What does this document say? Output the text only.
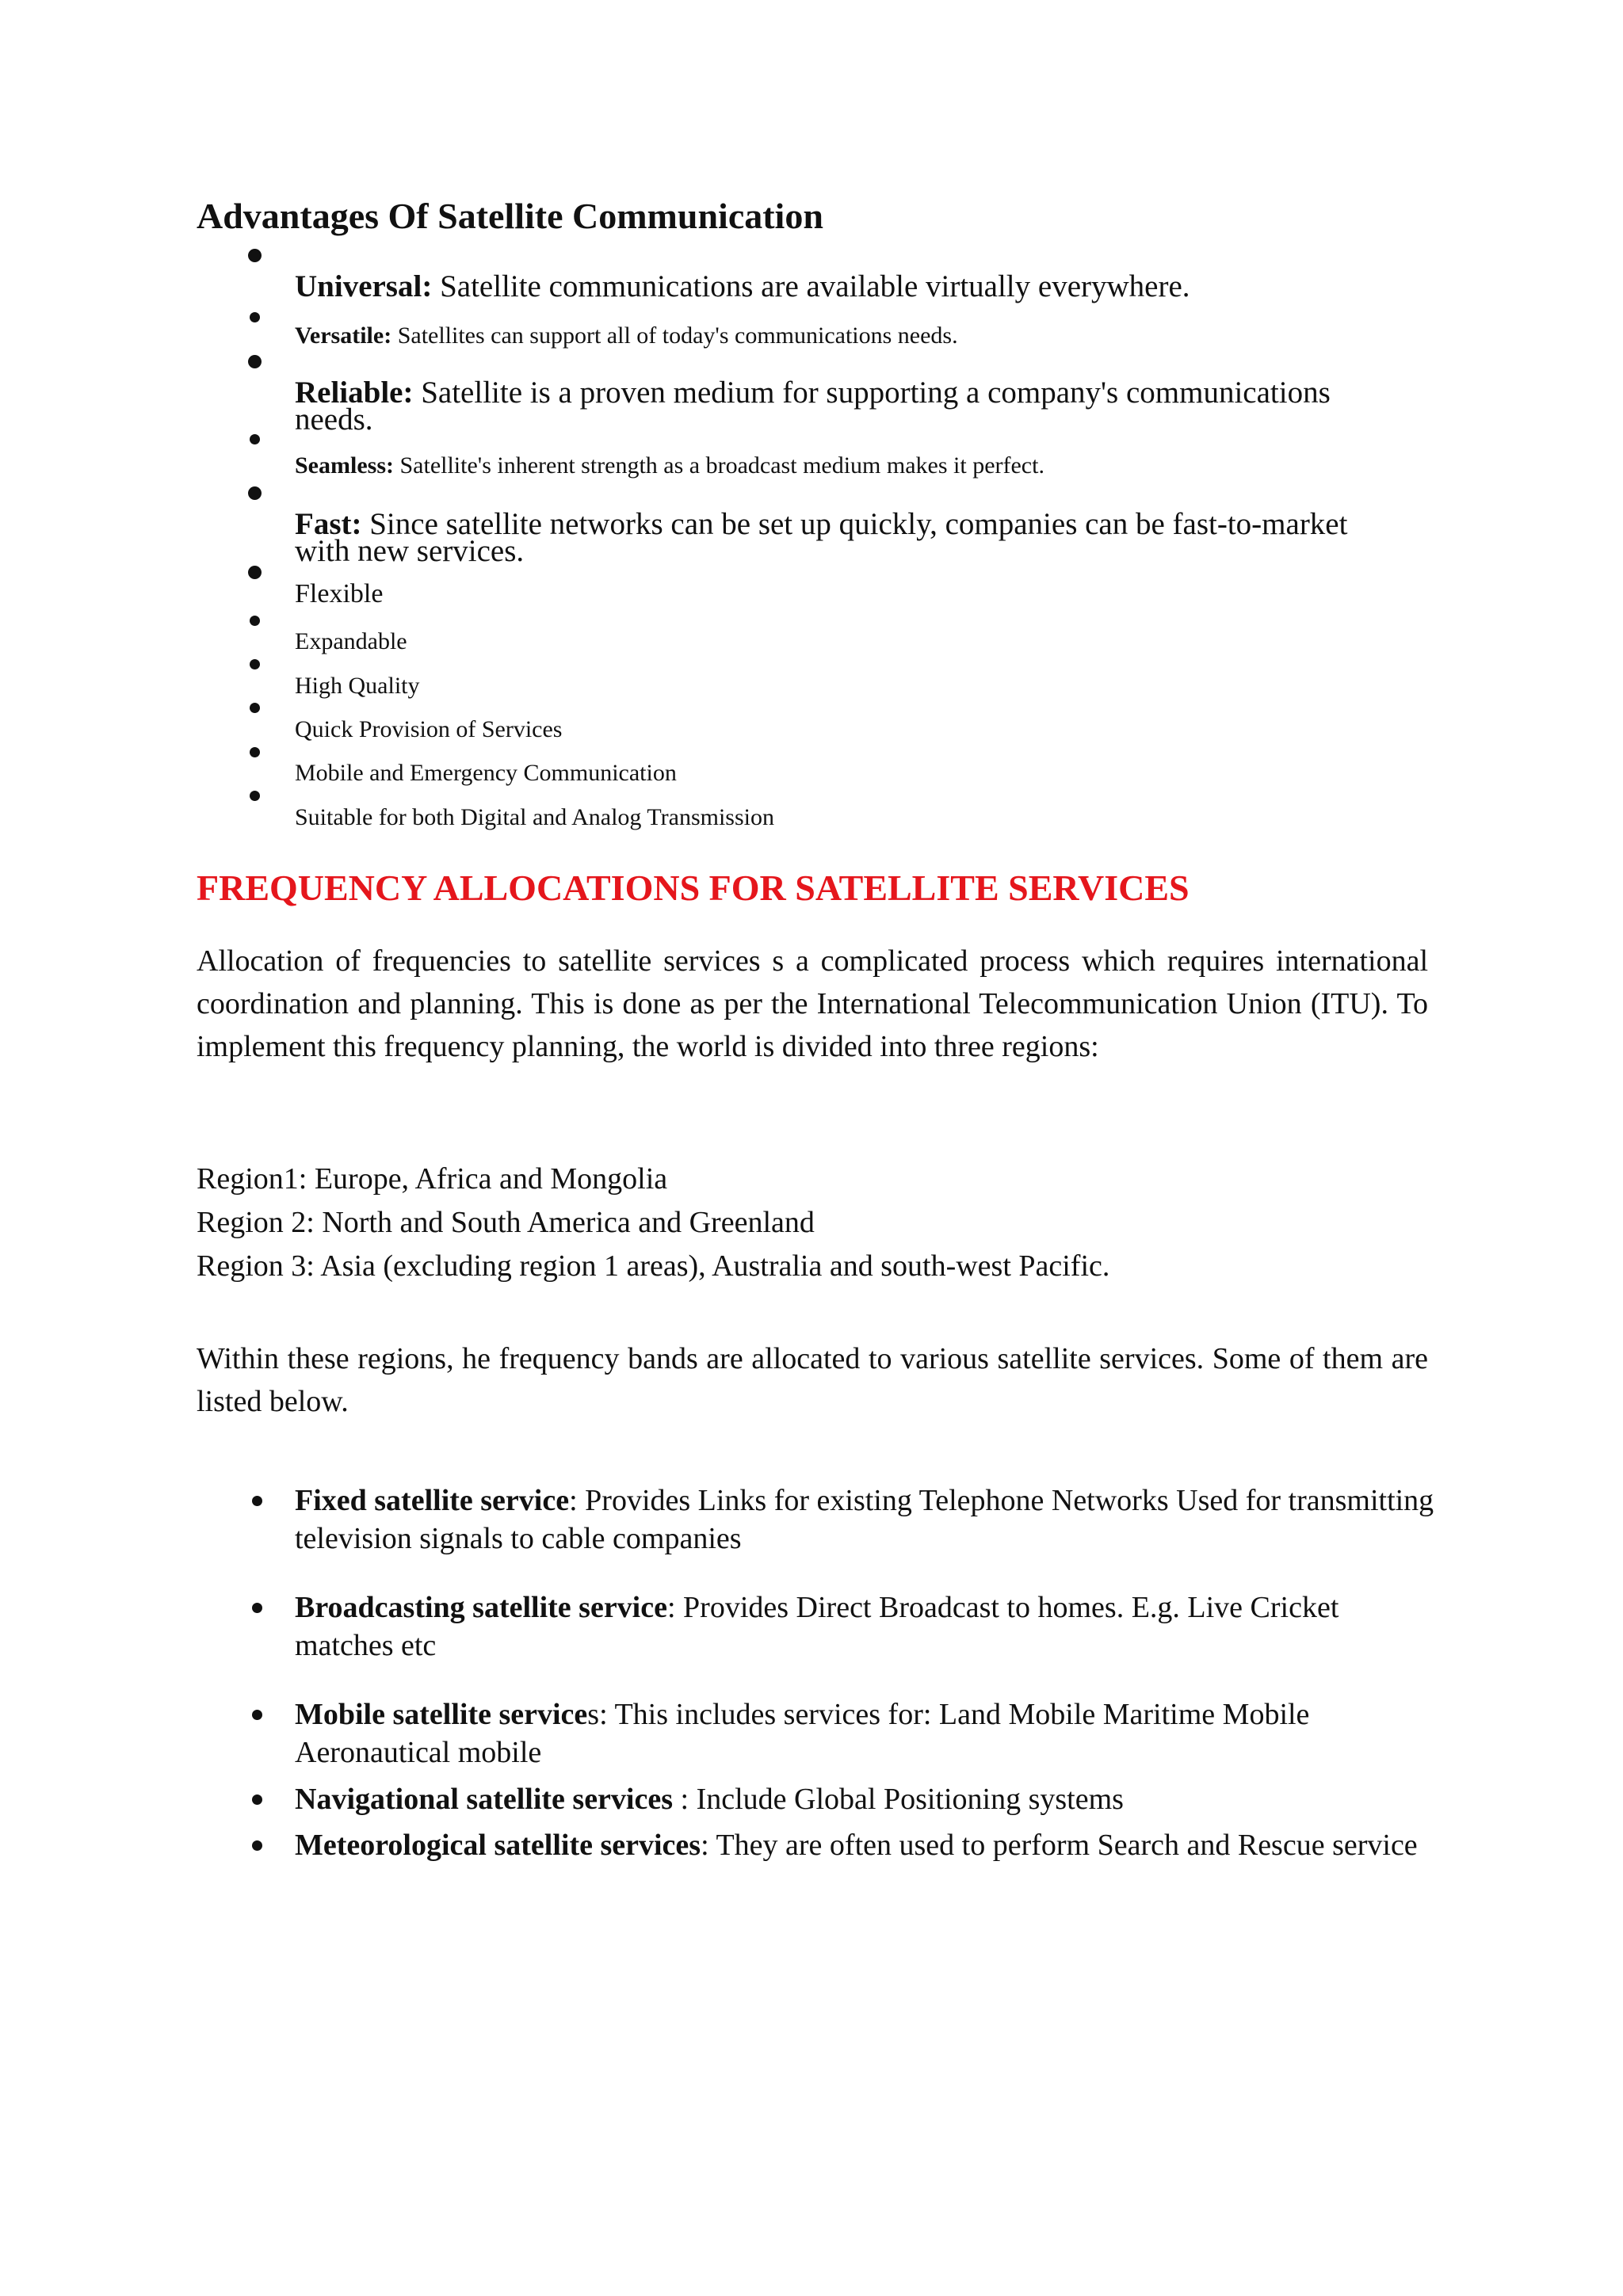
Advantages Of Satellite Communication
Universal: Satellite communications are available virtually everywhere.
Versatile: Satellites can support all of today's communications needs.
Reliable: Satellite is a proven medium for supporting a company's communications
needs.
Seamless: Satellite's inherent strength as a broadcast medium makes it perfect.
Fast: Since satellite networks can be set up quickly, companies can be fast-to-market
with new services.
Flexible
Expandable
High Quality
Quick Provision of Services
Mobile and Emergency Communication
Suitable for both Digital and Analog Transmission
FREQUENCY ALLOCATIONS FOR SATELLITE SERVICES
Allocation of frequencies to satellite services s a complicated process which requires international coordination and planning. This is done as per the International Telecommunication Union (ITU). To implement this frequency planning, the world is divided into three regions:
Region1: Europe, Africa and Mongolia
Region 2: North and South America and Greenland
Region 3: Asia (excluding region 1 areas), Australia and south-west Pacific.
Within these regions, he frequency bands are allocated to various satellite services. Some of them are listed below.
Fixed satellite service: Provides Links for existing Telephone Networks Used for transmitting television signals to cable companies
Broadcasting satellite service: Provides Direct Broadcast to homes. E.g. Live Cricket matches etc
Mobile satellite services: This includes services for: Land Mobile Maritime Mobile Aeronautical mobile
Navigational satellite services : Include Global Positioning systems
Meteorological satellite services: They are often used to perform Search and Rescue service
